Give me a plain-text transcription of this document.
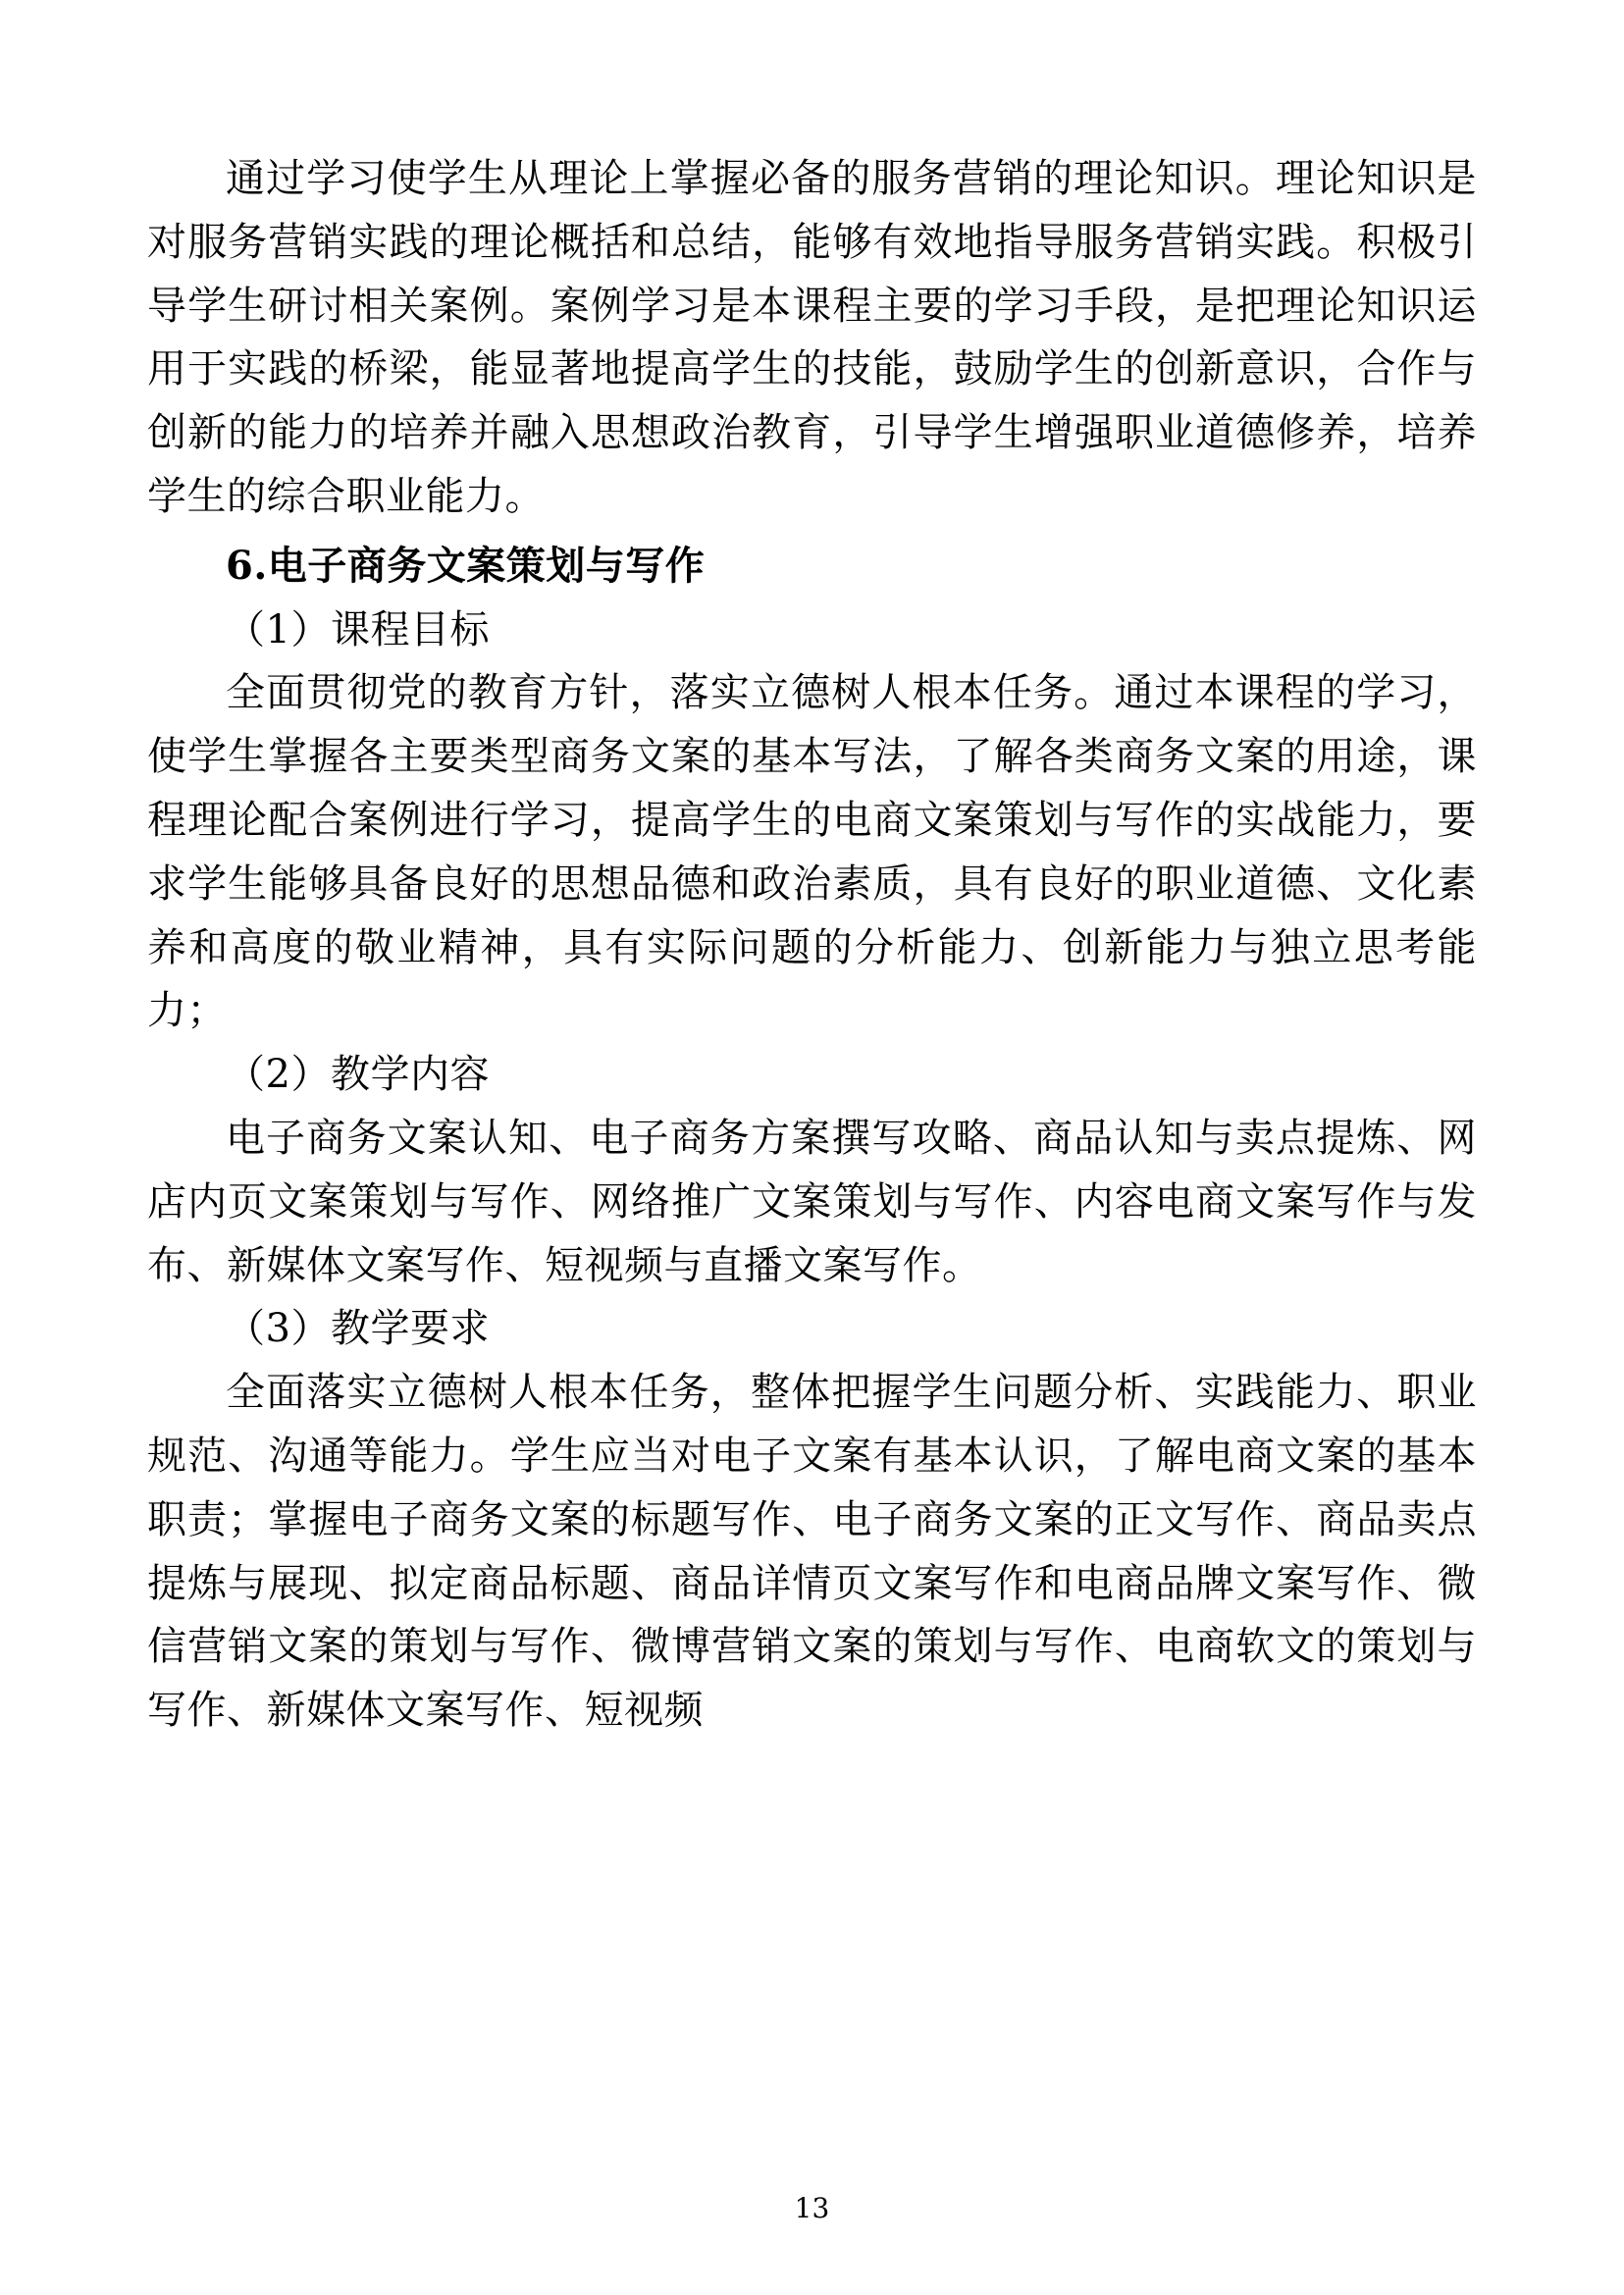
通过学习使学生从理论上掌握必备的服务营销的理论知识。理论知识是对服务营销实践的理论概括和总结，能够有效地指导服务营销实践。积极引导学生研讨相关案例。案例学习是本课程主要的学习手段，是把理论知识运用于实践的桥梁，能显著地提高学生的技能，鼓励学生的创新意识，合作与创新的能力的培养并融入思想政治教育，引导学生增强职业道德修养，培养学生的综合职业能力。

6.电子商务文案策划与写作

（1）课程目标

全面贯彻党的教育方针，落实立德树人根本任务。通过本课程的学习，使学生掌握各主要类型商务文案的基本写法，了解各类商务文案的用途，课程理论配合案例进行学习，提高学生的电商文案策划与写作的实战能力，要求学生能够具备良好的思想品德和政治素质，具有良好的职业道德、文化素养和高度的敬业精神，具有实际问题的分析能力、创新能力与独立思考能力；

（2）教学内容

电子商务文案认知、电子商务方案撰写攻略、商品认知与卖点提炼、网店内页文案策划与写作、网络推广文案策划与写作、内容电商文案写作与发布、新媒体文案写作、短视频与直播文案写作。

（3）教学要求

全面落实立德树人根本任务，整体把握学生问题分析、实践能力、职业规范、沟通等能力。学生应当对电子文案有基本认识，了解电商文案的基本职责；掌握电子商务文案的标题写作、电子商务文案的正文写作、商品卖点提炼与展现、拟定商品标题、商品详情页文案写作和电商品牌文案写作、微信营销文案的策划与写作、微博营销文案的策划与写作、电商软文的策划与写作、新媒体文案写作、短视频

13
